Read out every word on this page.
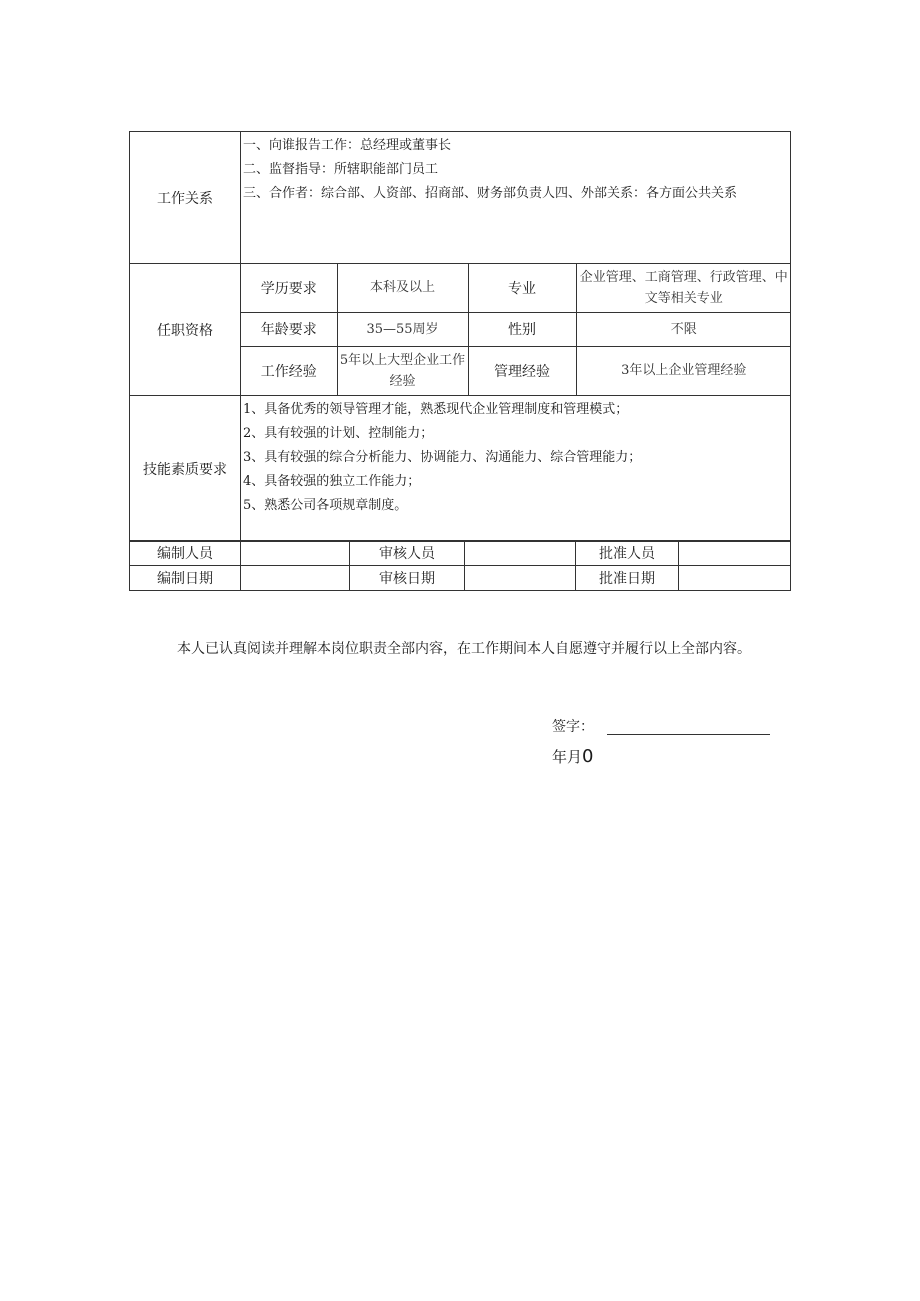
工作关系	
一、向谁报告工作：总经理或董事长
二、监督指导：所辖职能部门员工
三、合作者：综合部、人资部、招商部、财务部负责人四、外部关系：各方面公共关系

任职资格	
学历要求	本科及以上	专业	企业管理、工商管理、行政管理、中文等相关专业
年龄要求	35—55周岁	性别	不限
工作经验	5年以上大型企业工作经验	管理经验	3年以上企业管理经验

技能素质要求	
1、具备优秀的领导管理才能，熟悉现代企业管理制度和管理模式；
2、具有较强的计划、控制能力；
3、具有较强的综合分析能力、协调能力、沟通能力、综合管理能力；
4、具备较强的独立工作能力；
5、熟悉公司各项规章制度。
编制人员		审核人员		批准人员	
编制日期		审核日期		批准日期	
本人已认真阅读并理解本岗位职责全部内容，在工作期间本人自愿遵守并履行以上全部内容。
签字：
年月0
